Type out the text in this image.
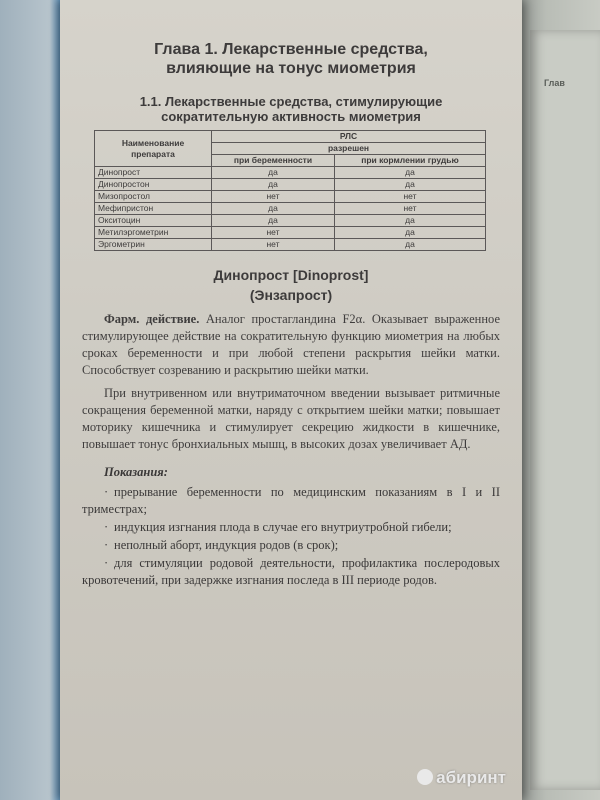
Глав
Глава 1. Лекарственные средства,
влияющие на тонус миометрия
1.1. Лекарственные средства, стимулирующие
сократительную активность миометрия
Наименование
препарата	РЛС	
	разрешен	
	при беременности	при кормлении грудью
Динопрост	да	да
Динопростон	да	да
Мизопростол	нет	нет
Мефипристон	да	нет
Окситоцин	да	да
Метилэргометрин	нет	да
Эргометрин	нет	да
Динопрост [Dinoprost]
(Энзапрост)

Фарм. действие. Аналог простагландина F2α. Оказывает выраженное стимулирующее действие на сократительную функцию миометрия на любых сроках беременности и при любой степени раскрытия шейки матки. Способствует созреванию и раскрытию шейки матки.

При внутривенном или внутриматочном введении вызывает ритмичные сокращения беременной матки, наряду с открытием шейки матки; повышает моторику кишечника и стимулирует секрецию жидкости в кишечнике, повышает тонус бронхиальных мышц, в высоких дозах увеличивает АД.

Показания:
· прерывание беременности по медицинским показаниям в I и II триместрах;
· индукция изгнания плода в случае его внутриутробной гибели;
· неполный аборт, индукция родов (в срок);
· для стимуляции родовой деятельности, профилактика послеродовых кровотечений, при задержке изгнания последа в III периоде родов.
абиринт
